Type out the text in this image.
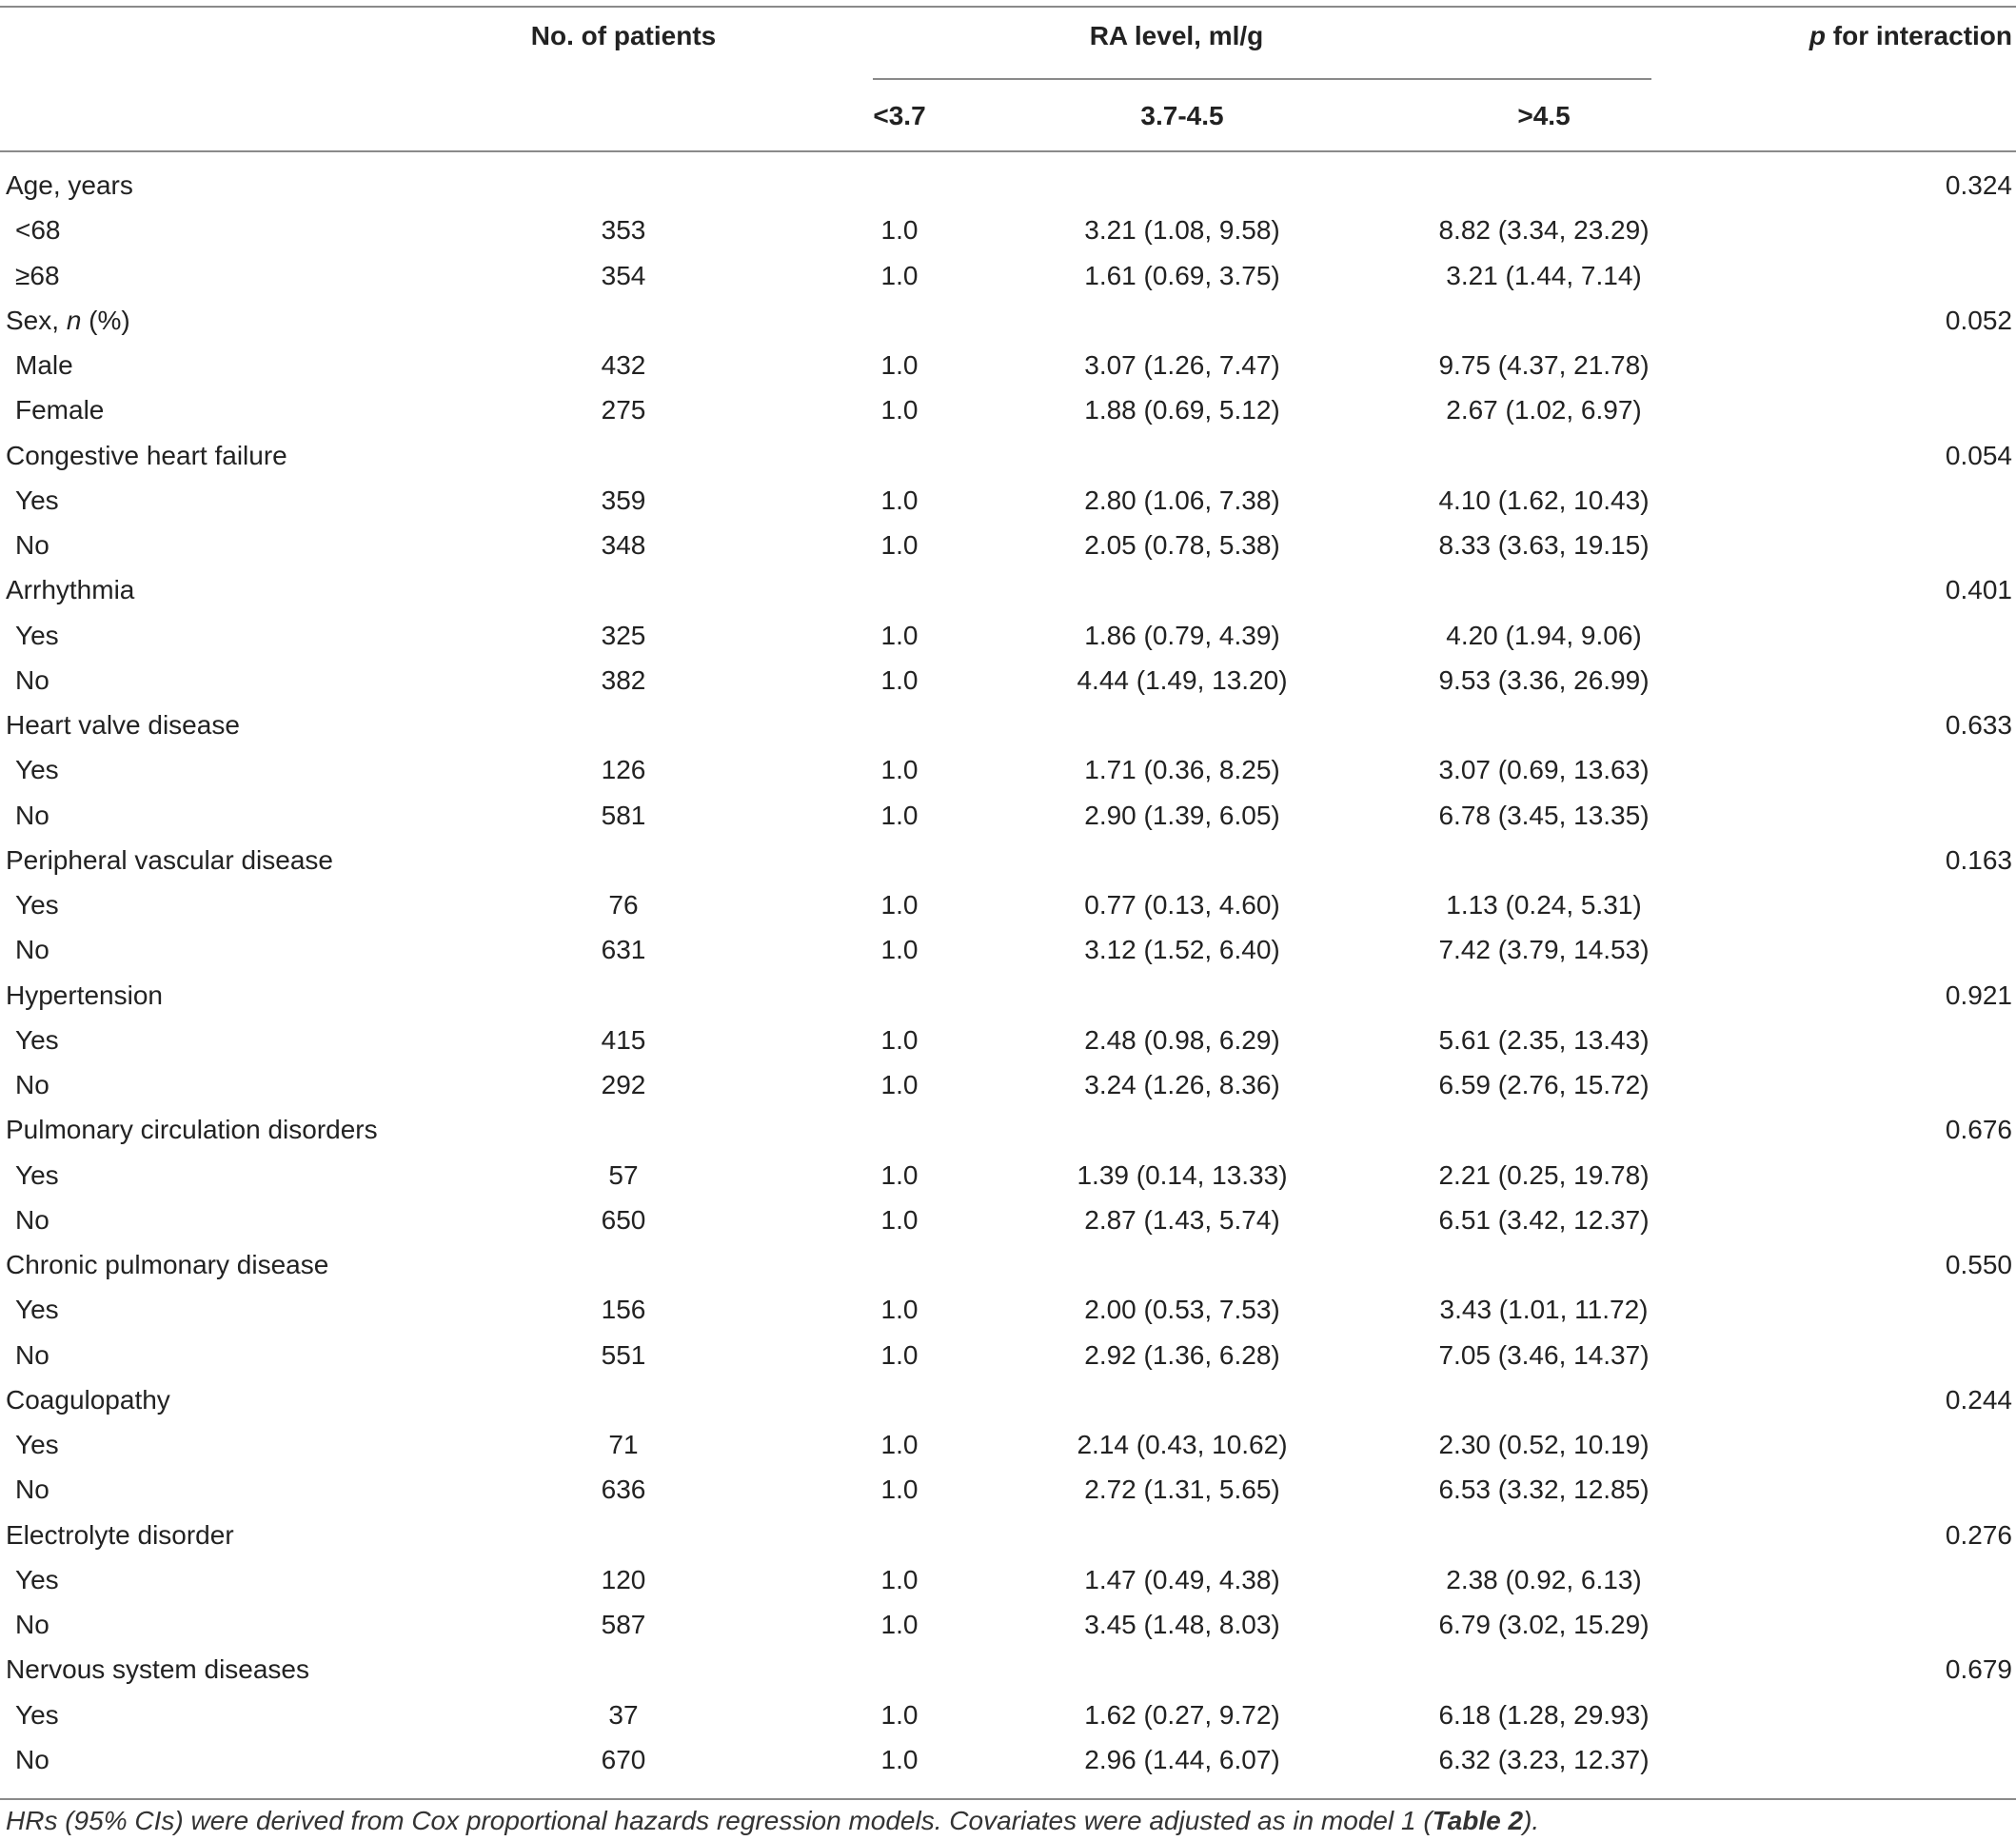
No. of patients	RA level, ml/g	p for interaction
<3.7	3.7-4.5	>4.5
Age, years	0.324
<68	353	1.0	3.21 (1.08, 9.58)	8.82 (3.34, 23.29)
≥68	354	1.0	1.61 (0.69, 3.75)	3.21 (1.44, 7.14)
Sex, n (%)	0.052
Male	432	1.0	3.07 (1.26, 7.47)	9.75 (4.37, 21.78)
Female	275	1.0	1.88 (0.69, 5.12)	2.67 (1.02, 6.97)
Congestive heart failure	0.054
Yes	359	1.0	2.80 (1.06, 7.38)	4.10 (1.62, 10.43)
No	348	1.0	2.05 (0.78, 5.38)	8.33 (3.63, 19.15)
Arrhythmia	0.401
Yes	325	1.0	1.86 (0.79, 4.39)	4.20 (1.94, 9.06)
No	382	1.0	4.44 (1.49, 13.20)	9.53 (3.36, 26.99)
Heart valve disease	0.633
Yes	126	1.0	1.71 (0.36, 8.25)	3.07 (0.69, 13.63)
No	581	1.0	2.90 (1.39, 6.05)	6.78 (3.45, 13.35)
Peripheral vascular disease	0.163
Yes	76	1.0	0.77 (0.13, 4.60)	1.13 (0.24, 5.31)
No	631	1.0	3.12 (1.52, 6.40)	7.42 (3.79, 14.53)
Hypertension	0.921
Yes	415	1.0	2.48 (0.98, 6.29)	5.61 (2.35, 13.43)
No	292	1.0	3.24 (1.26, 8.36)	6.59 (2.76, 15.72)
Pulmonary circulation disorders	0.676
Yes	57	1.0	1.39 (0.14, 13.33)	2.21 (0.25, 19.78)
No	650	1.0	2.87 (1.43, 5.74)	6.51 (3.42, 12.37)
Chronic pulmonary disease	0.550
Yes	156	1.0	2.00 (0.53, 7.53)	3.43 (1.01, 11.72)
No	551	1.0	2.92 (1.36, 6.28)	7.05 (3.46, 14.37)
Coagulopathy	0.244
Yes	71	1.0	2.14 (0.43, 10.62)	2.30 (0.52, 10.19)
No	636	1.0	2.72 (1.31, 5.65)	6.53 (3.32, 12.85)
Electrolyte disorder	0.276
Yes	120	1.0	1.47 (0.49, 4.38)	2.38 (0.92, 6.13)
No	587	1.0	3.45 (1.48, 8.03)	6.79 (3.02, 15.29)
Nervous system diseases	0.679
Yes	37	1.0	1.62 (0.27, 9.72)	6.18 (1.28, 29.93)
No	670	1.0	2.96 (1.44, 6.07)	6.32 (3.23, 12.37)
HRs (95% CIs) were derived from Cox proportional hazards regression models. Covariates were adjusted as in model 1 (Table 2).
